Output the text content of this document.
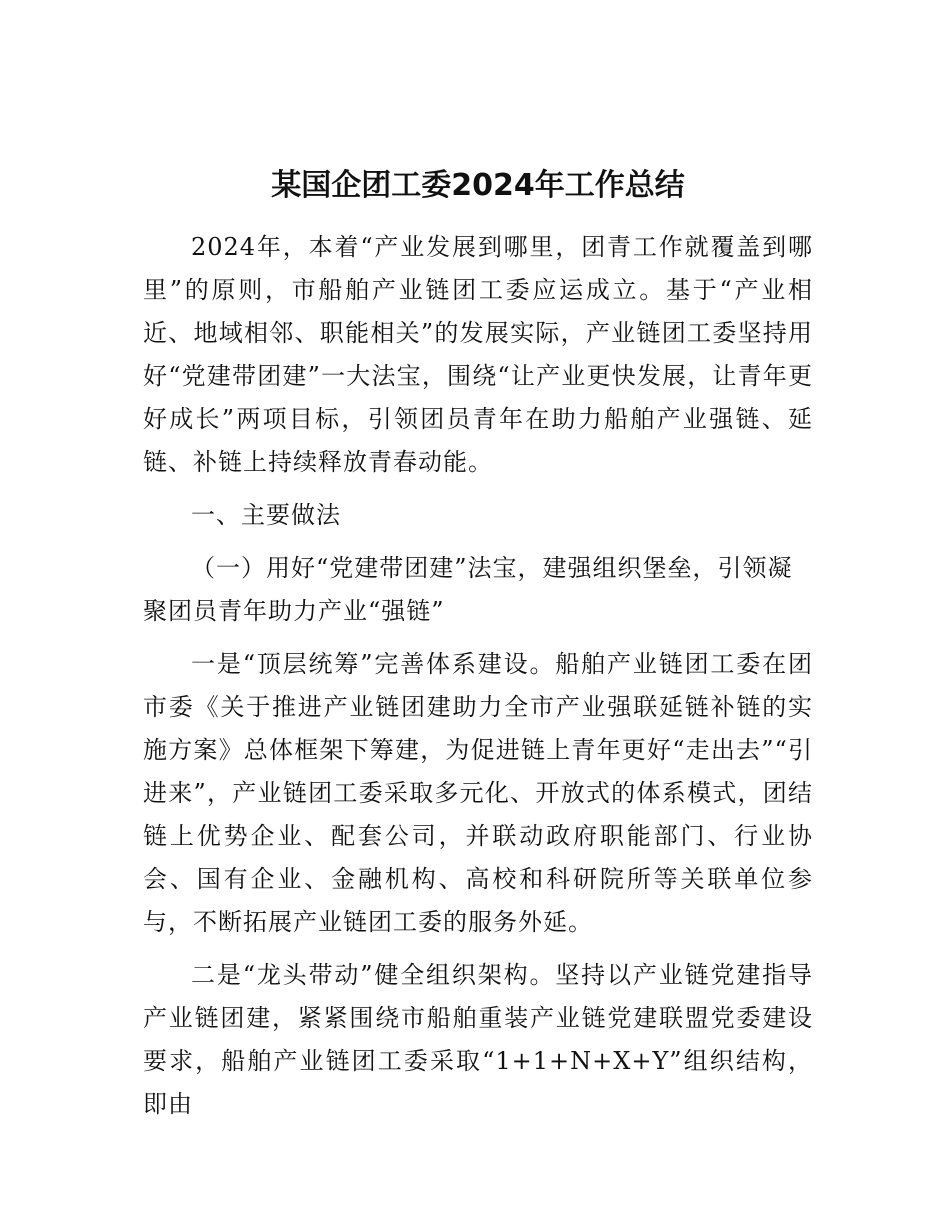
某国企团工委2024年工作总结

2024年，本着“产业发展到哪里，团青工作就覆盖到哪里”的原则，市船舶产业链团工委应运成立。基于“产业相近、地域相邻、职能相关”的发展实际，产业链团工委坚持用好“党建带团建”一大法宝，围绕“让产业更快发展，让青年更好成长”两项目标，引领团员青年在助力船舶产业强链、延链、补链上持续释放青春动能。

一、主要做法

（一）用好“党建带团建”法宝，建强组织堡垒，引领凝聚团员青年助力产业“强链”

一是“顶层统筹”完善体系建设。船舶产业链团工委在团市委《关于推进产业链团建助力全市产业强联延链补链的实施方案》总体框架下筹建，为促进链上青年更好“走出去”“引进来”，产业链团工委采取多元化、开放式的体系模式，团结链上优势企业、配套公司，并联动政府职能部门、行业协会、国有企业、金融机构、高校和科研院所等关联单位参与，不断拓展产业链团工委的服务外延。

二是“龙头带动”健全组织架构。坚持以产业链党建指导产业链团建，紧紧围绕市船舶重装产业链党建联盟党委建设要求，船舶产业链团工委采取“1+1+N+X+Y”组织结构，即由
